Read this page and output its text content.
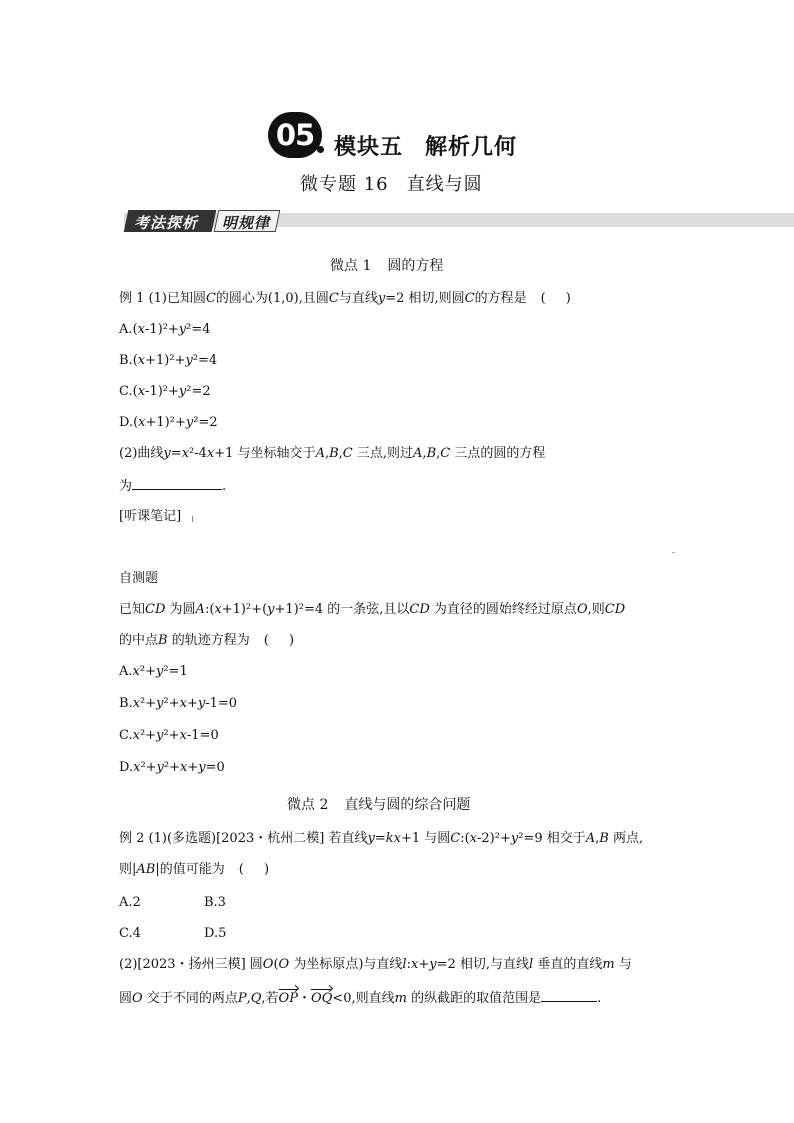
05 模块五 解析几何
微专题 16 直线与圆
考法探析 明规律
微点 1 圆的方程
例 1 (1)已知圆C的圆心为(1,0),且圆C与直线y=2 相切,则圆C的方程是 ( )
A.(x-1)²+y²=4
B.(x+1)²+y²=4
C.(x-1)²+y²=2
D.(x+1)²+y²=2
(2)曲线y=x²-4x+1 与坐标轴交于A,B,C 三点,则过A,B,C 三点的圆的方程
为	.
[听课笔记]
自测题
已知CD 为圆A:(x+1)²+(y+1)²=4 的一条弦,且以CD 为直径的圆始终经过原点O,则CD
的中点B 的轨迹方程为 ( )
A.x²+y²=1
B.x²+y²+x+y-1=0
C.x²+y²+x-1=0
D.x²+y²+x+y=0
微点 2 直线与圆的综合问题
例 2 (1)(多选题)[2023・杭州二模] 若直线y=kx+1 与圆C:(x-2)²+y²=9 相交于A,B 两点,
则|AB|的值可能为 ( )
A.2	B.3
C.4	D.5
(2)[2023・扬州三模] 圆O(O 为坐标原点)与直线l:x+y=2 相切,与直线l 垂直的直线m 与
圆O 交于不同的两点P,Q,若OP・OQ<0,则直线m 的纵截距的取值范围是	.
